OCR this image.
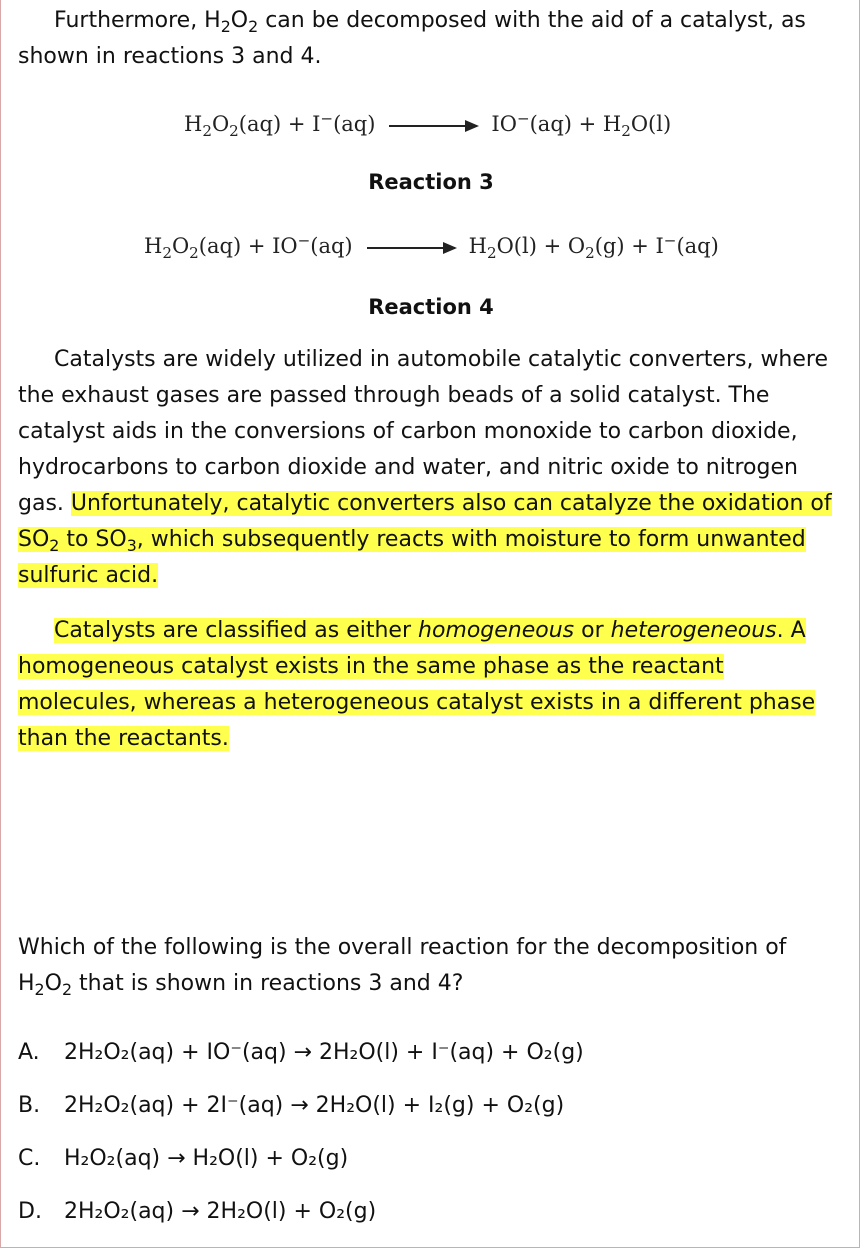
Furthermore, $H_2O_2$ can be decomposed with the aid of a catalyst, as shown in reactions 3 and 4.

$H_2O_2(aq) + I^-(aq)$	$IO^-(aq) + H_2O(l)$
Reaction 3
$H_2O_2(aq) + IO^-(aq)$	$H_2O(l) + O_2(g) + I^-(aq)$
Reaction 4

Catalysts are widely utilized in automobile catalytic converters, where the exhaust gases are passed through beads of a solid catalyst. The catalyst aids in the conversions of carbon monoxide to carbon dioxide, hydrocarbons to carbon dioxide and water, and nitric oxide to nitrogen gas. Unfortunately, catalytic converters also can catalyze the oxidation of $SO_2$ to $SO_3$, which subsequently reacts with moisture to form unwanted sulfuric acid.

Catalysts are classified as either homogeneous or heterogeneous. A homogeneous catalyst exists in the same phase as the reactant molecules, whereas a heterogeneous catalyst exists in a different phase than the reactants.

Which of the following is the overall reaction for the decomposition of $H_2O_2$ that is shown in reactions 3 and 4?

A.	2H₂O₂(aq) + IO⁻(aq) → 2H₂O(l) + I⁻(aq) + O₂(g)
B.	2H₂O₂(aq) + 2I⁻(aq) → 2H₂O(l) + I₂(g) + O₂(g)
C.	H₂O₂(aq) → H₂O(l) + O₂(g)
D.	2H₂O₂(aq) → 2H₂O(l) + O₂(g)
